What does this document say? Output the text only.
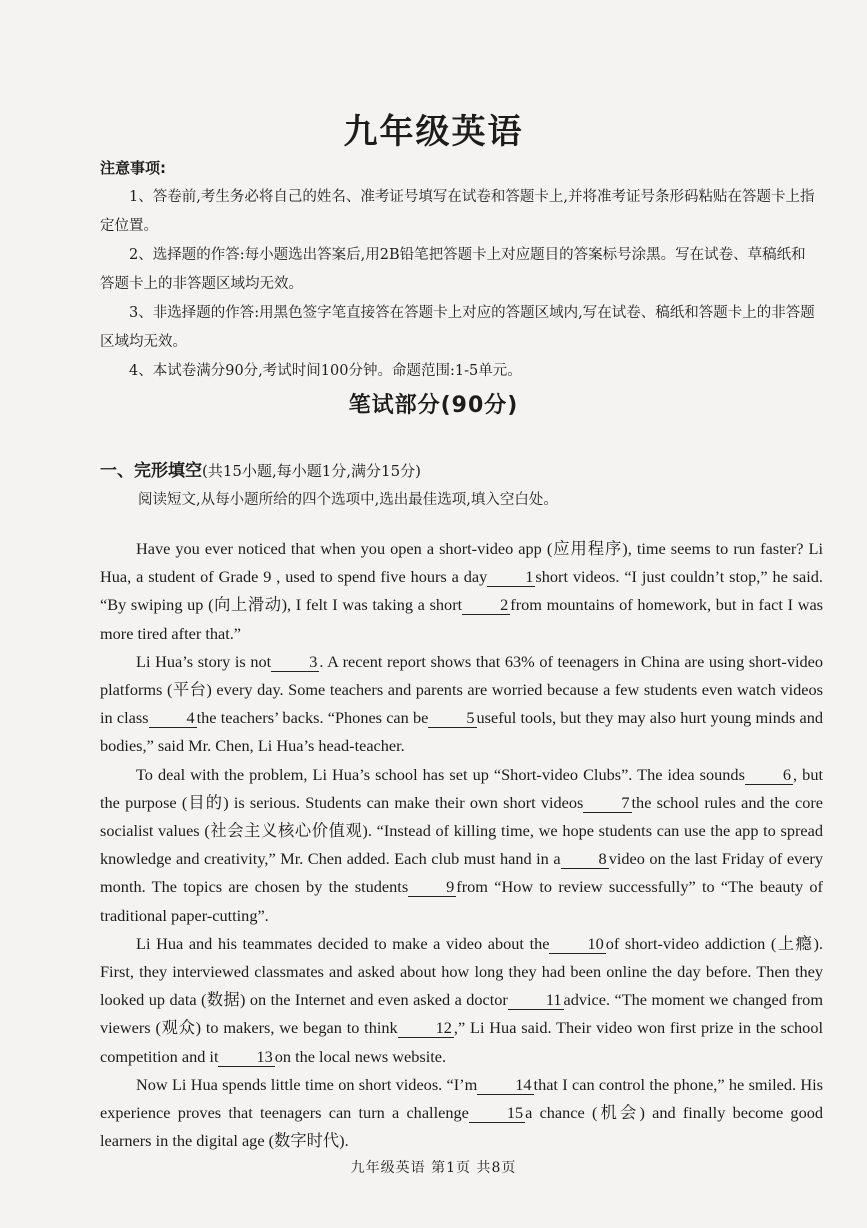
九年级英语
注意事项:

1、答卷前,考生务必将自己的姓名、准考证号填写在试卷和答题卡上,并将准考证号条形码粘贴在答题卡上指定位置。

2、选择题的作答:每小题选出答案后,用2B铅笔把答题卡上对应题目的答案标号涂黑。写在试卷、草稿纸和答题卡上的非答题区域均无效。

3、非选择题的作答:用黑色签字笔直接答在答题卡上对应的答题区域内,写在试卷、稿纸和答题卡上的非答题区域均无效。

4、本试卷满分90分,考试时间100分钟。命题范围:1-5单元。

笔试部分(90分)
一、完形填空(共15小题,每小题1分,满分15分)
阅读短文,从每小题所给的四个选项中,选出最佳选项,填入空白处。

Have you ever noticed that when you open a short-video app (应用程序), time seems to run faster? Li Hua, a student of Grade 9 , used to spend five hours a day 1 short videos. “I just couldn’t stop,” he said. “By swiping up (向上滑动), I felt I was taking a short 2 from mountains of homework, but in fact I was more tired after that.”

Li Hua’s story is not 3 . A recent report shows that 63% of teenagers in China are using short-video platforms (平台) every day. Some teachers and parents are worried because a few students even watch videos in class 4 the teachers’ backs. “Phones can be 5 useful tools, but they may also hurt young minds and bodies,” said Mr. Chen, Li Hua’s head-teacher.

To deal with the problem, Li Hua’s school has set up “Short-video Clubs”. The idea sounds 6 , but the purpose (目的) is serious. Students can make their own short videos 7 the school rules and the core socialist values (社会主义核心价值观). “Instead of killing time, we hope students can use the app to spread knowledge and creativity,” Mr. Chen added. Each club must hand in a 8 video on the last Friday of every month. The topics are chosen by the students 9 from “How to review successfully” to “The beauty of traditional paper-cutting”.

Li Hua and his teammates decided to make a video about the 10 of short-video addiction (上瘾). First, they interviewed classmates and asked about how long they had been online the day before. Then they looked up data (数据) on the Internet and even asked a doctor 11 advice. “The moment we changed from viewers (观众) to makers, we began to think 12 ,” Li Hua said. Their video won first prize in the school competition and it 13 on the local news website.

Now Li Hua spends little time on short videos. “I’m 14 that I can control the phone,” he smiled. His experience proves that teenagers can turn a challenge 15 a chance (机会) and finally become good learners in the digital age (数字时代).

九年级英语 第1页 共8页
